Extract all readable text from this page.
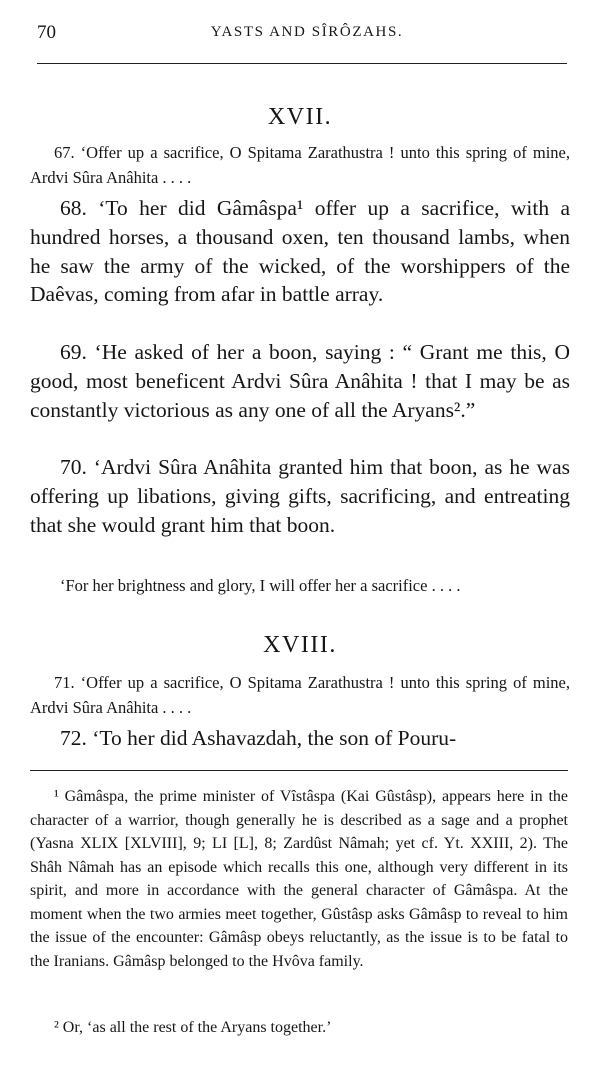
70	YASTS AND SÎRÔZAHS.
XVII.

67. ‘Offer up a sacrifice, O Spitama Zarathustra ! unto this spring of mine, Ardvi Sûra Anâhita . . . .

68. ‘To her did Gâmâspa¹ offer up a sacrifice, with a hundred horses, a thousand oxen, ten thousand lambs, when he saw the army of the wicked, of the worshippers of the Daêvas, coming from afar in battle array.

69. ‘He asked of her a boon, saying : “ Grant me this, O good, most beneficent Ardvi Sûra Anâhita ! that I may be as constantly victorious as any one of all the Aryans².”

70. ‘Ardvi Sûra Anâhita granted him that boon, as he was offering up libations, giving gifts, sacrificing, and entreating that she would grant him that boon.

‘For her brightness and glory, I will offer her a sacrifice . . . .

XVIII.

71. ‘Offer up a sacrifice, O Spitama Zarathustra ! unto this spring of mine, Ardvi Sûra Anâhita . . . .

72. ‘To her did Ashavazdah, the son of Pouru-

¹ Gâmâspa, the prime minister of Vîstâspa (Kai Gûstâsp), appears here in the character of a warrior, though generally he is described as a sage and a prophet (Yasna XLIX [XLVIII], 9; LI [L], 8; Zardûst Nâmah; yet cf. Yt. XXIII, 2). The Shâh Nâmah has an episode which recalls this one, although very different in its spirit, and more in accordance with the general character of Gâmâspa. At the moment when the two armies meet together, Gûstâsp asks Gâmâsp to reveal to him the issue of the encounter: Gâmâsp obeys reluctantly, as the issue is to be fatal to the Iranians. Gâmâsp belonged to the Hvôva family.

² Or, ‘as all the rest of the Aryans together.’
